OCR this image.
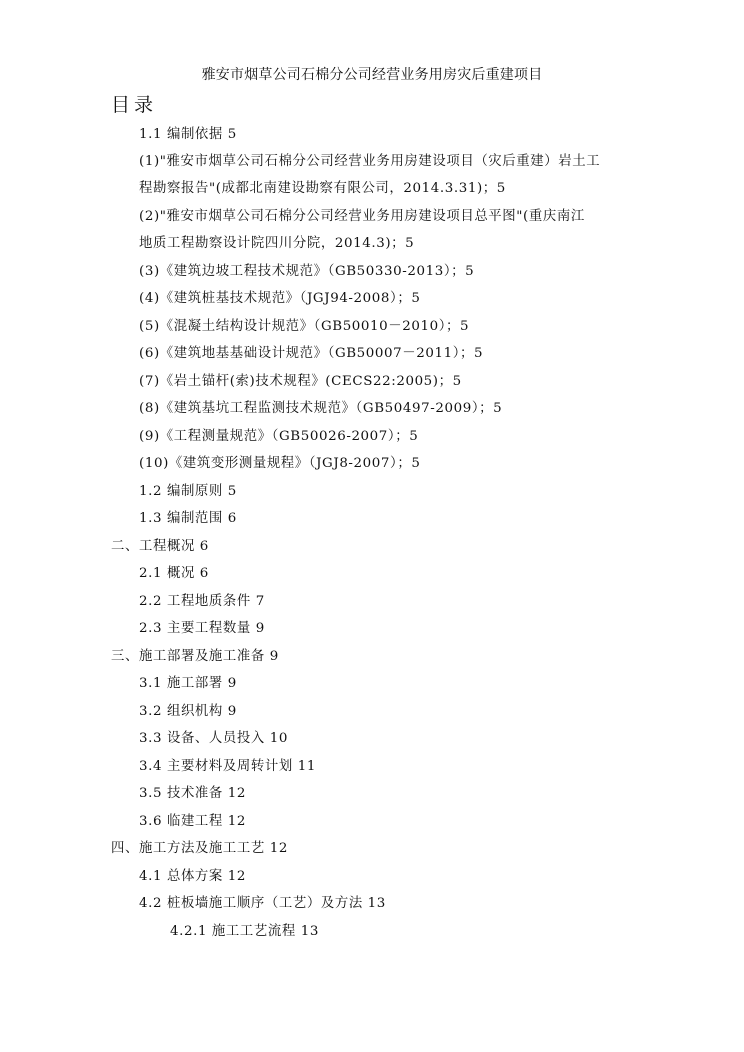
雅安市烟草公司石棉分公司经营业务用房灾后重建项目
目录
1.1 编制依据 5
(1)"雅安市烟草公司石棉分公司经营业务用房建设项目（灾后重建）岩土工
程勘察报告"(成都北南建设勘察有限公司，2014.3.31)；5
(2)"雅安市烟草公司石棉分公司经营业务用房建设项目总平图"(重庆南江
地质工程勘察设计院四川分院，2014.3)；5
(3)《建筑边坡工程技术规范》（GB50330-2013）；5
(4)《建筑桩基技术规范》（JGJ94-2008）；5
(5)《混凝土结构设计规范》（GB50010－2010）；5
(6)《建筑地基基础设计规范》（GB50007－2011）；5
(7)《岩土锚杆(索)技术规程》(CECS22:2005)；5
(8)《建筑基坑工程监测技术规范》（GB50497-2009）；5
(9)《工程测量规范》（GB50026-2007）；5
(10)《建筑变形测量规程》（JGJ8-2007）；5
1.2 编制原则 5
1.3 编制范围 6
二、工程概况 6
2.1 概况 6
2.2 工程地质条件 7
2.3 主要工程数量 9
三、施工部署及施工准备 9
3.1 施工部署 9
3.2 组织机构 9
3.3 设备、人员投入 10
3.4 主要材料及周转计划 11
3.5 技术准备 12
3.6 临建工程 12
四、施工方法及施工工艺 12
4.1 总体方案 12
4.2 桩板墙施工顺序（工艺）及方法 13
4.2.1 施工工艺流程 13
